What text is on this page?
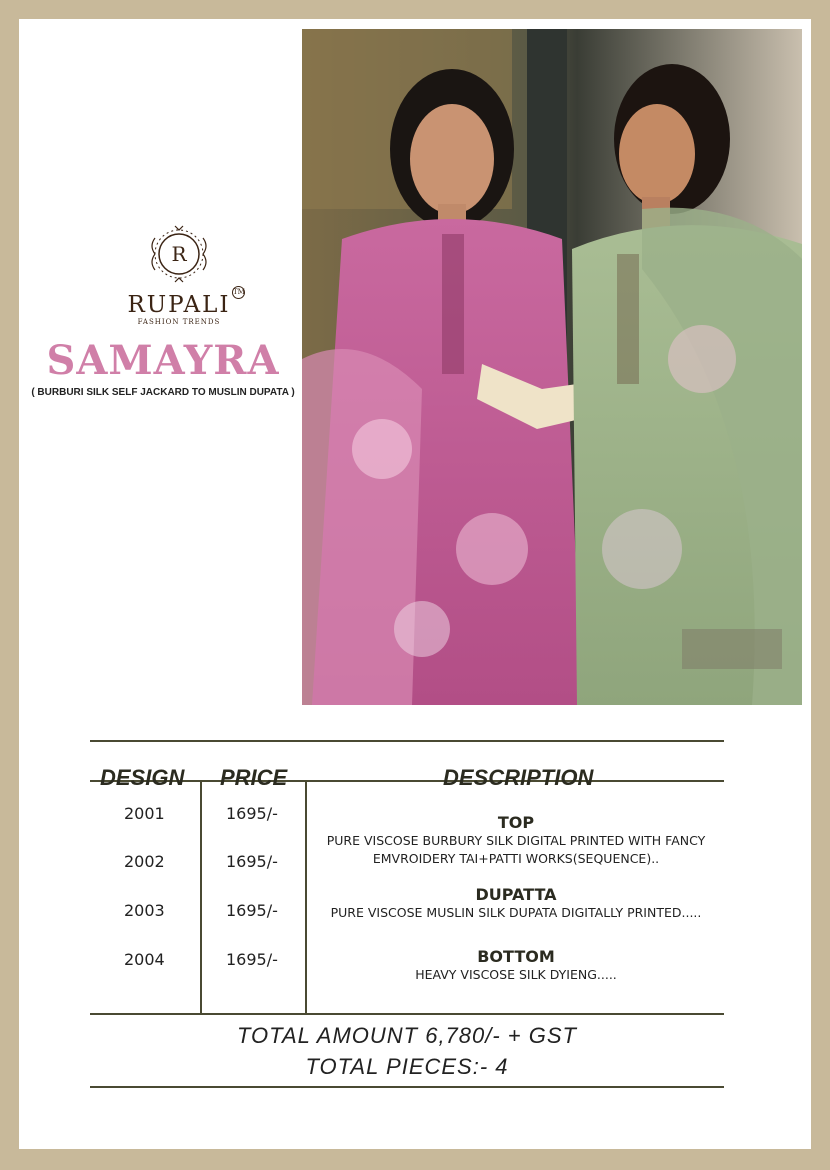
R
RUPALI TM
FASHION TRENDS
SAMAYRA
( BURBURI SILK SELF JACKARD TO MUSLIN DUPATA )
DESIGN PRICE	DESCRIPTION
2001	1695/-
2002	1695/-
2003	1695/-
2004	1695/-
TOP
PURE VISCOSE BURBURY SILK DIGITAL PRINTED WITH FANCY
EMVROIDERY TAI+PATTI WORKS(SEQUENCE)..
DUPATTA
PURE VISCOSE MUSLIN SILK DUPATA DIGITALLY PRINTED.....
BOTTOM
HEAVY VISCOSE SILK DYIENG.....
TOTAL AMOUNT 6,780/- + GST
TOTAL PIECES:- 4
